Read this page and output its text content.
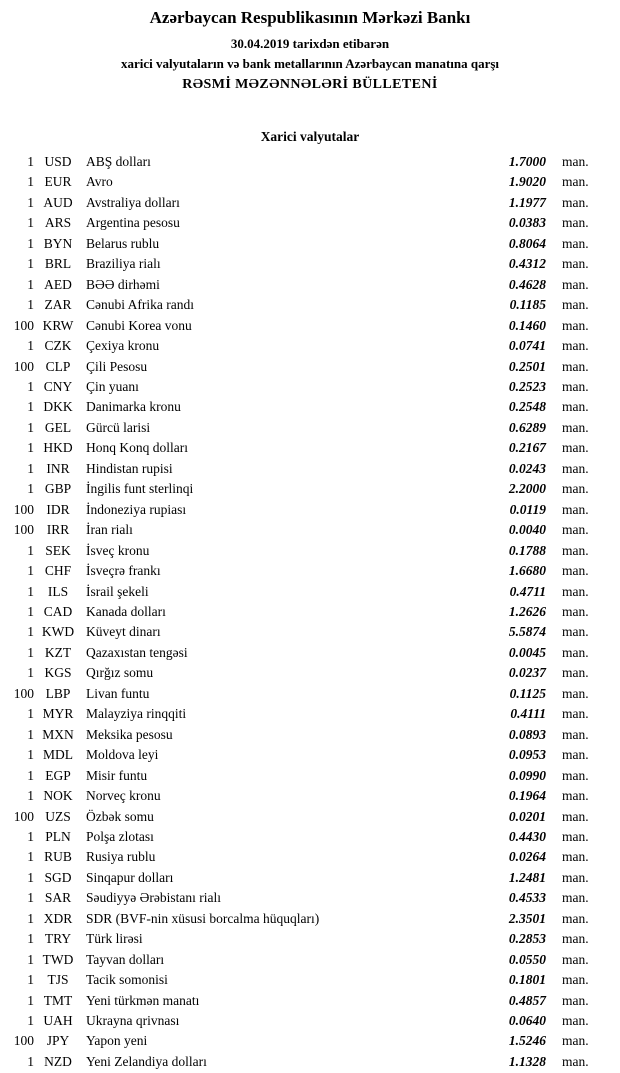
Azərbaycan Respublikasının Mərkəzi Bankı
30.04.2019 tarixdən etibarən
xarici valyutaların və bank metallarının Azərbaycan manatına qarşı
RƏSMİ MƏZƏNNƏLƏRİ BÜLLETENİ
Xarici valyutalar
1 USD	ABŞ dolları	1.7000	man.
1 EUR	Avro	1.9020	man.
1 AUD Avstraliya dolları	1.1977	man.
1 ARS	Argentina pesosu	0.0383	man.
1 BYN	Belarus rublu	0.8064	man.
1 BRL	Braziliya rialı	0.4312	man.
1 AED	BƏƏ dirhəmi	0.4628	man.
1 ZAR	Cənubi Afrika randı	0.1185	man.
100 KRW Cənubi Korea vonu	0.1460	man.
1 CZK	Çexiya kronu	0.0741	man.
100 CLP	Çili Pesosu	0.2501	man.
1 CNY	Çin yuanı	0.2523	man.
1 DKK Danimarka kronu	0.2548	man.
1 GEL	Gürcü larisi	0.6289	man.
1 HKD Honq Konq dolları	0.2167	man.
1 INR	Hindistan rupisi	0.0243	man.
1 GBP	İngilis funt sterlinqi	2.2000	man.
100 IDR	İndoneziya rupiası	0.0119	man.
100 IRR	İran rialı	0.0040	man.
1 SEK	İsveç kronu	0.1788	man.
1 CHF	İsveçrə frankı	1.6680	man.
1	ILS	İsrail şekeli	0.4711	man.
1 CAD	Kanada dolları	1.2626	man.
1 KWD Küveyt dinarı	5.5874	man.
1 KZT	Qazaxıstan tengəsi	0.0045	man.
1 KGS	Qırğız somu	0.0237	man.
100 LBP	Livan funtu	0.1125	man.
1 MYR Malayziya rinqqiti	0.4111	man.
1 MXN Meksika pesosu	0.0893	man.
1 MDL Moldova leyi	0.0953	man.
1 EGP	Misir funtu	0.0990	man.
1 NOK Norveç kronu	0.1964	man.
100 UZS	Özbək somu	0.0201	man.
1 PLN	Polşa zlotası	0.4430	man.
1 RUB	Rusiya rublu	0.0264	man.
1 SGD	Sinqapur dolları	1.2481	man.
1 SAR	Səudiyyə Ərəbistanı rialı	0.4533	man.
1 XDR	SDR (BVF-nin xüsusi borcalma hüquqları)	2.3501	man.
1 TRY	Türk lirəsi	0.2853	man.
1 TWD Tayvan dolları	0.0550	man.
1 TJS	Tacik somonisi	0.1801	man.
1 TMT	Yeni türkmən manatı	0.4857	man.
1 UAH Ukrayna qrivnası	0.0640	man.
100 JPY	Yapon yeni	1.5246	man.
1 NZD	Yeni Zelandiya dolları	1.1328	man.
